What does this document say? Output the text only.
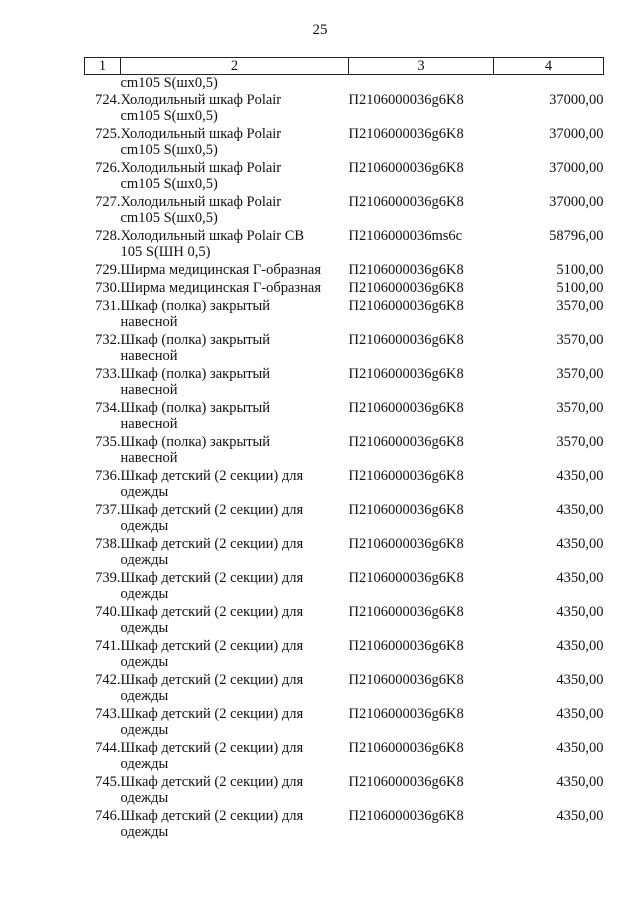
25
1	2	3	4
	cm105 S(шх0,5)		

724.	Холодильный шкаф Polair
cm105 S(шх0,5)	П2106000036g6K8	37000,00

725.	Холодильный шкаф Polair
cm105 S(шх0,5)	П2106000036g6K8	37000,00

726.	Холодильный шкаф Polair
cm105 S(шх0,5)	П2106000036g6K8	37000,00

727.	Холодильный шкаф Polair
cm105 S(шх0,5)	П2106000036g6K8	37000,00

728.	Холодильный шкаф Polair CB
105 S(ШН 0,5)	П2106000036ms6c	58796,00

729.	Ширма медицинская Г-образная	П2106000036g6K8	5100,00

730.	Ширма медицинская Г-образная	П2106000036g6K8	5100,00

731.	Шкаф (полка) закрытый
навесной	П2106000036g6K8	3570,00

732.	Шкаф (полка) закрытый
навесной	П2106000036g6K8	3570,00

733.	Шкаф (полка) закрытый
навесной	П2106000036g6K8	3570,00

734.	Шкаф (полка) закрытый
навесной	П2106000036g6K8	3570,00

735.	Шкаф (полка) закрытый
навесной	П2106000036g6K8	3570,00

736.	Шкаф детский (2 секции) для
одежды	П2106000036g6K8	4350,00

737.	Шкаф детский (2 секции) для
одежды	П2106000036g6K8	4350,00

738.	Шкаф детский (2 секции) для
одежды	П2106000036g6K8	4350,00

739.	Шкаф детский (2 секции) для
одежды	П2106000036g6K8	4350,00

740.	Шкаф детский (2 секции) для
одежды	П2106000036g6K8	4350,00

741.	Шкаф детский (2 секции) для
одежды	П2106000036g6K8	4350,00

742.	Шкаф детский (2 секции) для
одежды	П2106000036g6K8	4350,00

743.	Шкаф детский (2 секции) для
одежды	П2106000036g6K8	4350,00

744.	Шкаф детский (2 секции) для
одежды	П2106000036g6K8	4350,00

745.	Шкаф детский (2 секции) для
одежды	П2106000036g6K8	4350,00

746.	Шкаф детский (2 секции) для
одежды	П2106000036g6K8	4350,00
